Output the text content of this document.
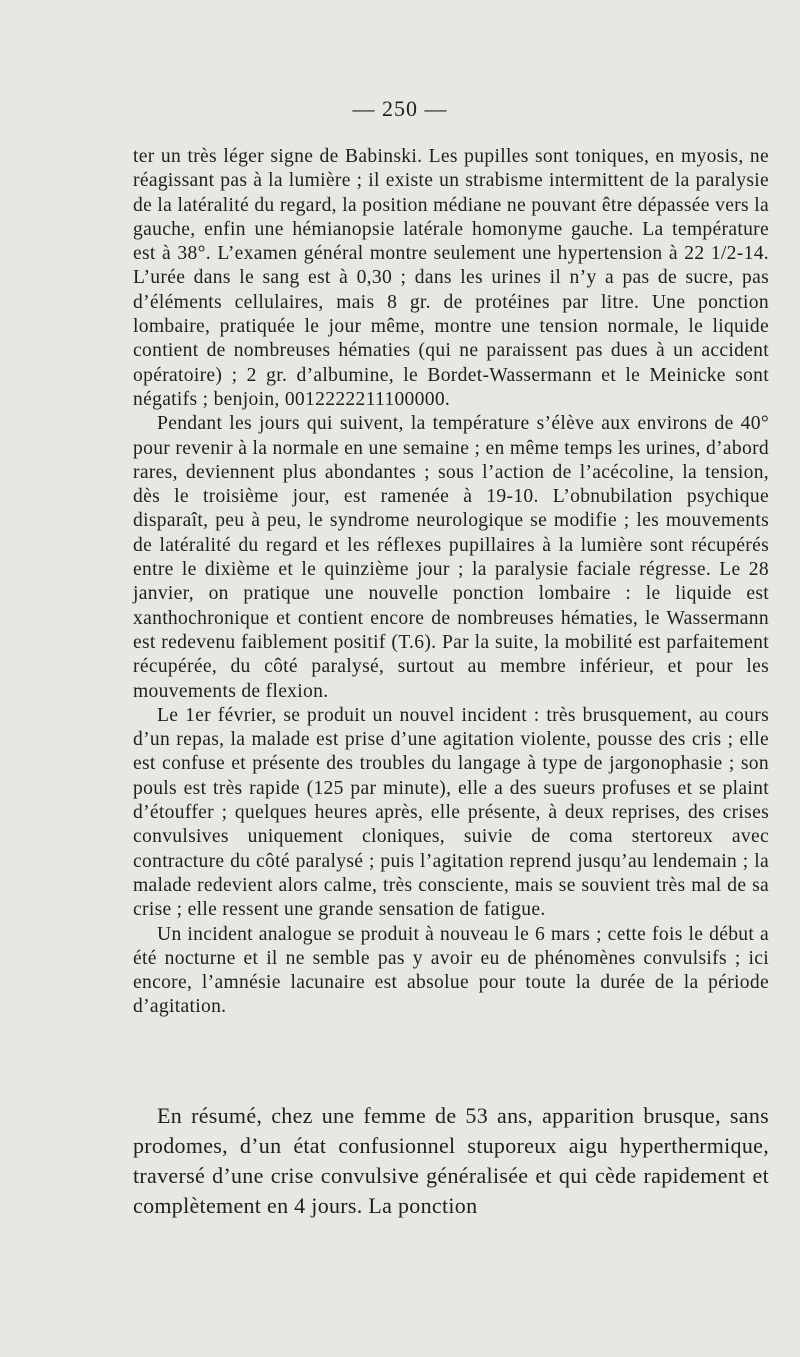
— 250 —

ter un très léger signe de Babinski. Les pupilles sont toniques, en myosis, ne réagissant pas à la lumière ; il existe un strabisme intermittent de la paralysie de la latéralité du regard, la position médiane ne pouvant être dépassée vers la gauche, enfin une hémianopsie latérale homonyme gauche. La température est à 38°. L’examen général montre seulement une hypertension à 22 1/2-14. L’urée dans le sang est à 0,30 ; dans les urines il n’y a pas de sucre, pas d’éléments cellulaires, mais 8 gr. de protéines par litre. Une ponction lombaire, pratiquée le jour même, montre une tension normale, le liquide contient de nombreuses hématies (qui ne paraissent pas dues à un accident opératoire) ; 2 gr. d’albumine, le Bordet-Wassermann et le Meinicke sont négatifs ; benjoin, 0012222211100000.

Pendant les jours qui suivent, la température s’élève aux environs de 40° pour revenir à la normale en une semaine ; en même temps les urines, d’abord rares, deviennent plus abondantes ; sous l’action de l’acécoline, la tension, dès le troisième jour, est ramenée à 19-10. L’obnubilation psychique disparaît, peu à peu, le syndrome neurologique se modifie ; les mouvements de latéralité du regard et les réflexes pupillaires à la lumière sont récupérés entre le dixième et le quinzième jour ; la paralysie faciale régresse. Le 28 janvier, on pratique une nouvelle ponction lombaire : le liquide est xanthochronique et contient encore de nombreuses hématies, le Wassermann est redevenu faiblement positif (T.6). Par la suite, la mobilité est parfaitement récupérée, du côté paralysé, surtout au membre inférieur, et pour les mouvements de flexion.

Le 1er février, se produit un nouvel incident : très brusquement, au cours d’un repas, la malade est prise d’une agitation violente, pousse des cris ; elle est confuse et présente des troubles du langage à type de jargonophasie ; son pouls est très rapide (125 par minute), elle a des sueurs profuses et se plaint d’étouffer ; quelques heures après, elle présente, à deux reprises, des crises convulsives uniquement cloniques, suivie de coma stertoreux avec contracture du côté paralysé ; puis l’agitation reprend jusqu’au lendemain ; la malade redevient alors calme, très consciente, mais se souvient très mal de sa crise ; elle ressent une grande sensation de fatigue.

Un incident analogue se produit à nouveau le 6 mars ; cette fois le début a été nocturne et il ne semble pas y avoir eu de phénomènes convulsifs ; ici encore, l’amnésie lacunaire est absolue pour toute la durée de la période d’agitation.

En résumé, chez une femme de 53 ans, apparition brusque, sans prodomes, d’un état confusionnel stuporeux aigu hyperthermique, traversé d’une crise convulsive généralisée et qui cède rapidement et complètement en 4 jours. La ponction
